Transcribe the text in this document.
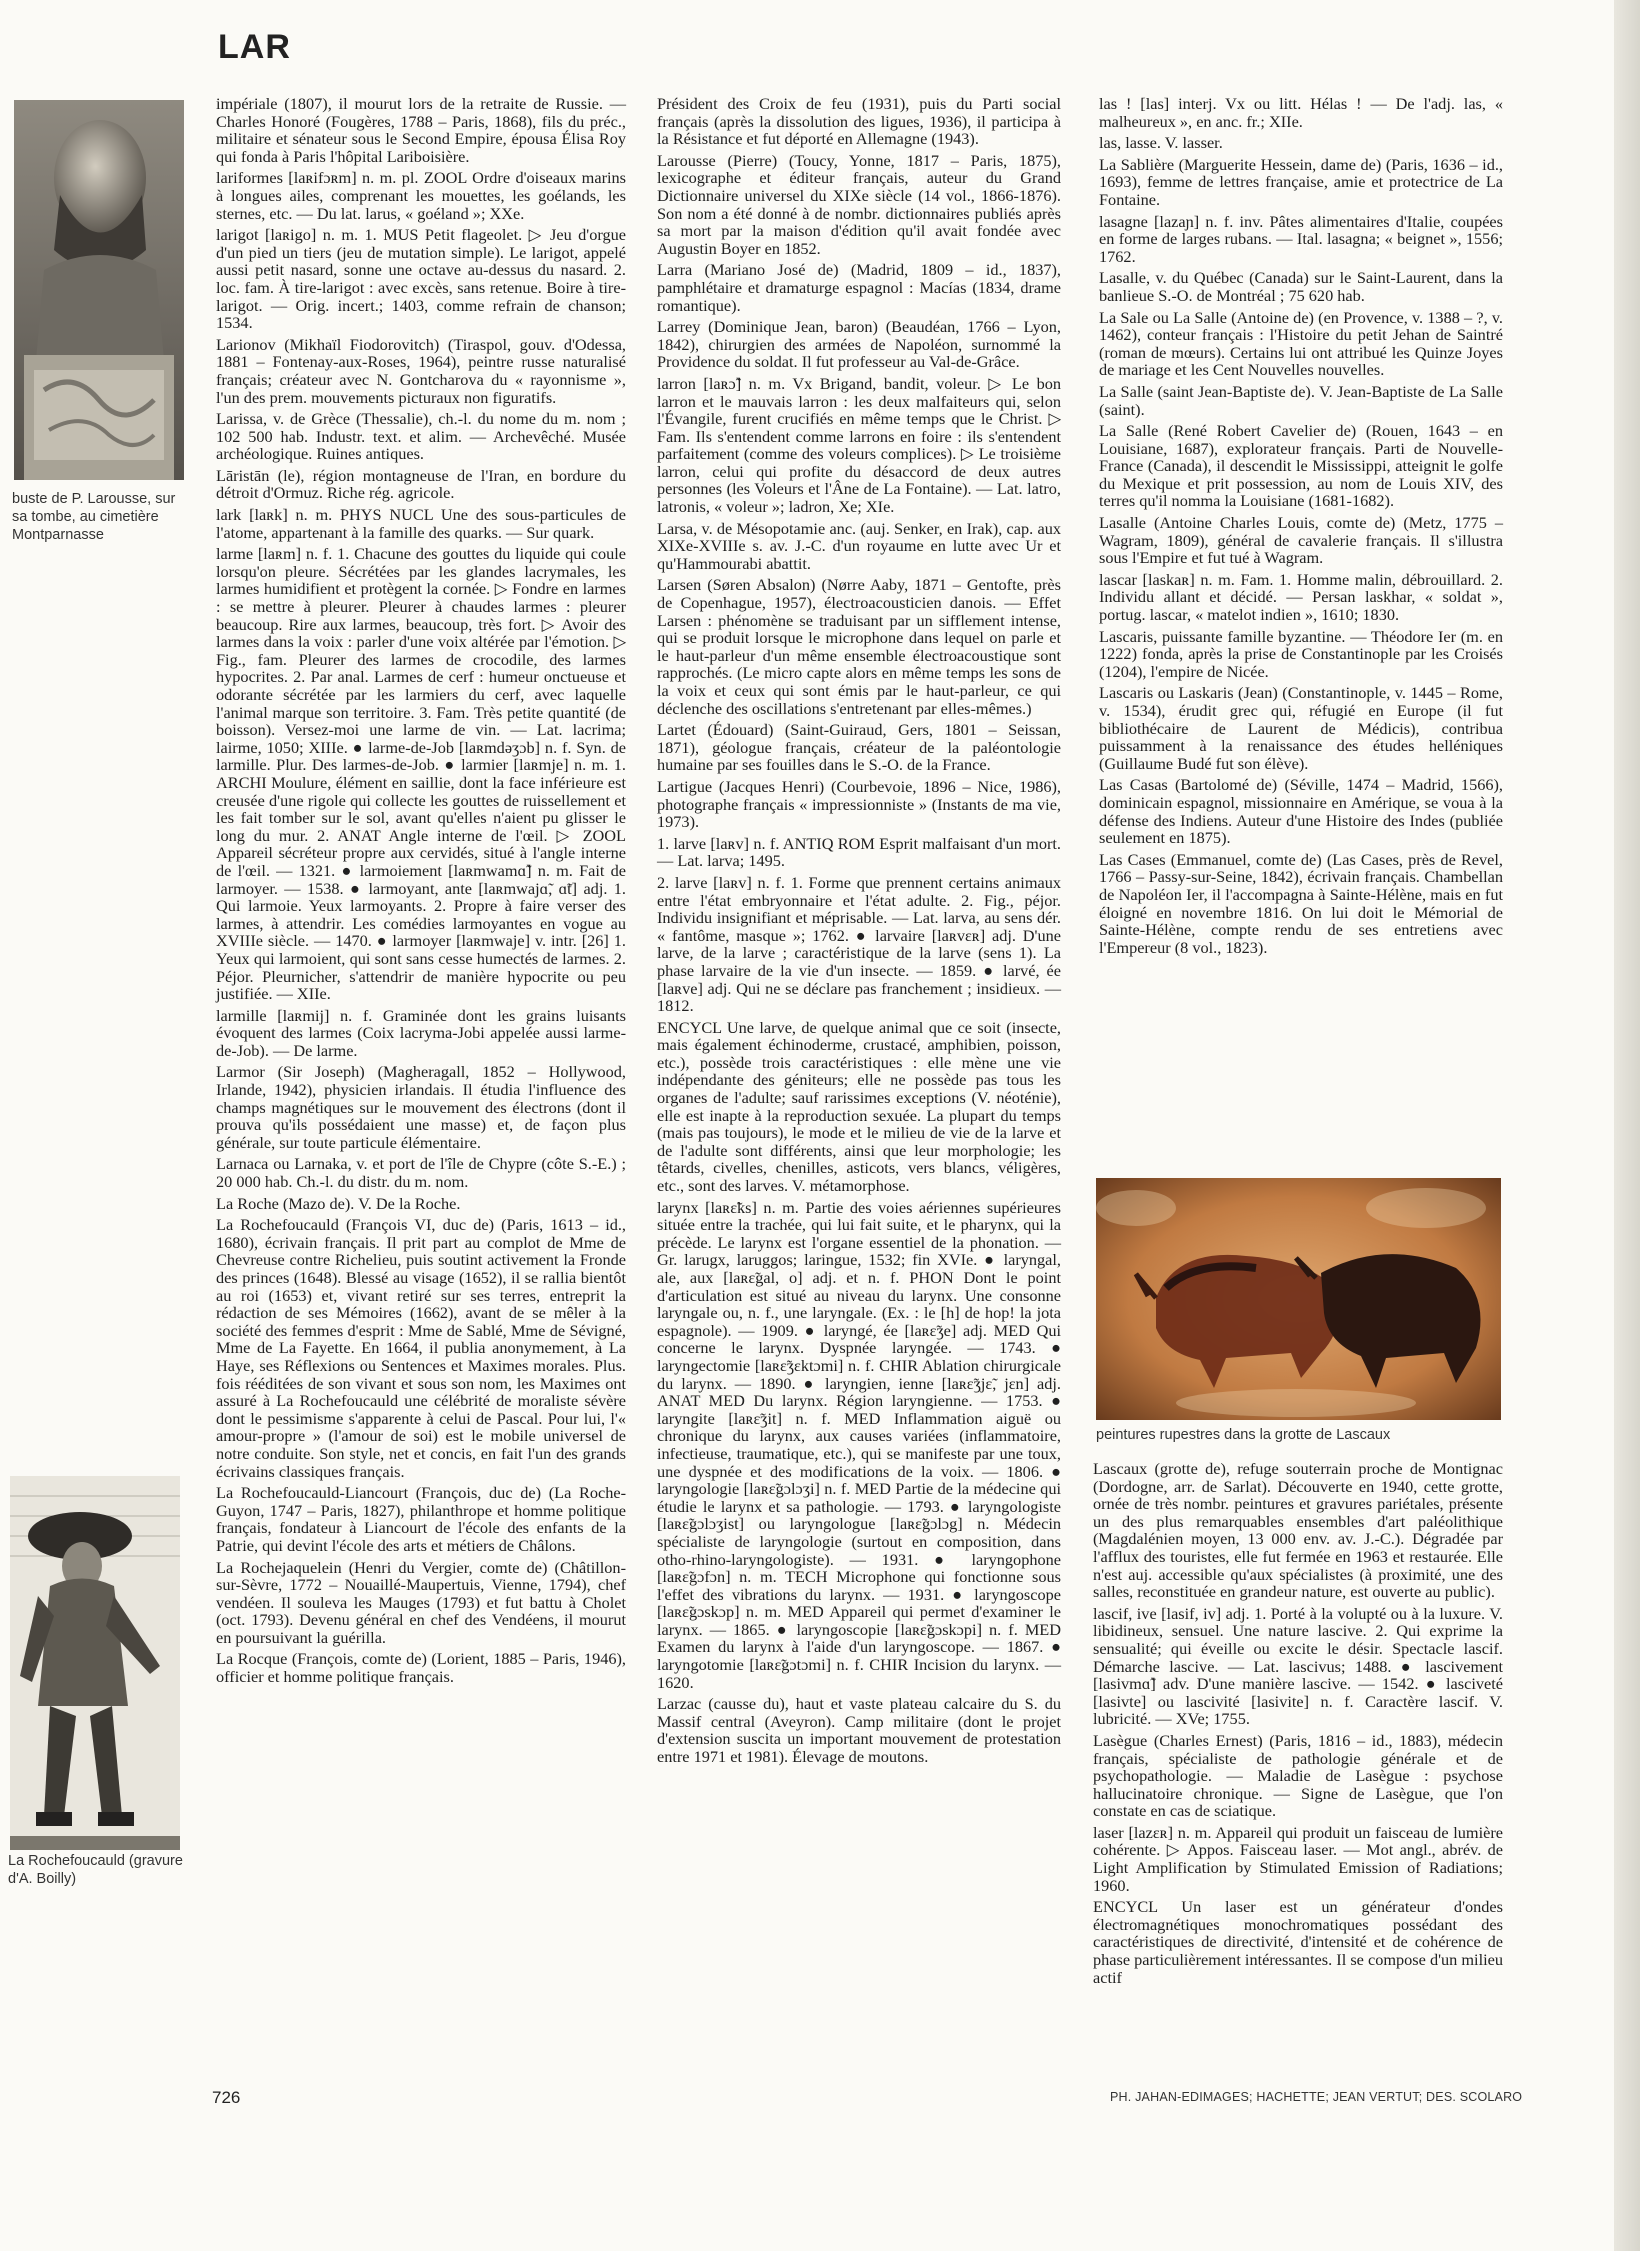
LAR
buste de P. Larousse, sur sa tombe, au cimetière Montparnasse
La Rochefoucauld (gravure d'A. Boilly)
peintures rupestres dans la grotte de Lascaux

impériale (1807), il mourut lors de la retraite de Russie. — Charles Honoré (Fougères, 1788 – Paris, 1868), fils du préc., militaire et sénateur sous le Second Empire, épousa Élisa Roy qui fonda à Paris l'hôpital Lariboisière.

lariformes [laʀifɔʀm] n. m. pl. ZOOL Ordre d'oiseaux marins à longues ailes, comprenant les mouettes, les goélands, les sternes, etc. — Du lat. larus, « goéland »; XXe.

larigot [laʀigo] n. m. 1. MUS Petit flageolet. ▷ Jeu d'orgue d'un pied un tiers (jeu de mutation simple). Le larigot, appelé aussi petit nasard, sonne une octave au-dessus du nasard. 2. loc. fam. À tire-larigot : avec excès, sans retenue. Boire à tire-larigot. — Orig. incert.; 1403, comme refrain de chanson; 1534.

Larionov (Mikhaïl Fiodorovitch) (Tiraspol, gouv. d'Odessa, 1881 – Fontenay-aux-Roses, 1964), peintre russe naturalisé français; créateur avec N. Gontcharova du « rayonnisme », l'un des prem. mouvements picturaux non figuratifs.

Larissa, v. de Grèce (Thessalie), ch.-l. du nome du m. nom ; 102 500 hab. Industr. text. et alim. — Archevêché. Musée archéologique. Ruines antiques.

Lāristān (le), région montagneuse de l'Iran, en bordure du détroit d'Ormuz. Riche rég. agricole.

lark [laʀk] n. m. PHYS NUCL Une des sous-particules de l'atome, appartenant à la famille des quarks. — Sur quark.

larme [laʀm] n. f. 1. Chacune des gouttes du liquide qui coule lorsqu'on pleure. Sécrétées par les glandes lacrymales, les larmes humidifient et protègent la cornée. ▷ Fondre en larmes : se mettre à pleurer. Pleurer à chaudes larmes : pleurer beaucoup. Rire aux larmes, beaucoup, très fort. ▷ Avoir des larmes dans la voix : parler d'une voix altérée par l'émotion. ▷ Fig., fam. Pleurer des larmes de crocodile, des larmes hypocrites. 2. Par anal. Larmes de cerf : humeur onctueuse et odorante sécrétée par les larmiers du cerf, avec laquelle l'animal marque son territoire. 3. Fam. Très petite quantité (de boisson). Versez-moi une larme de vin. — Lat. lacrima; lairme, 1050; XIIIe. ● larme-de-Job [laʀmdəʒɔb] n. f. Syn. de larmille. Plur. Des larmes-de-Job. ● larmier [laʀmje] n. m. 1. ARCHI Moulure, élément en saillie, dont la face inférieure est creusée d'une rigole qui collecte les gouttes de ruissellement et les fait tomber sur le sol, avant qu'elles n'aient pu glisser le long du mur. 2. ANAT Angle interne de l'œil. ▷ ZOOL Appareil sécréteur propre aux cervidés, situé à l'angle interne de l'œil. — 1321. ● larmoiement [laʀmwamɑ̃] n. m. Fait de larmoyer. — 1538. ● larmoyant, ante [laʀmwajɑ̃, ɑ̃t] adj. 1. Qui larmoie. Yeux larmoyants. 2. Propre à faire verser des larmes, à attendrir. Les comédies larmoyantes en vogue au XVIIIe siècle. — 1470. ● larmoyer [laʀmwaje] v. intr. [26] 1. Yeux qui larmoient, qui sont sans cesse humectés de larmes. 2. Péjor. Pleurnicher, s'attendrir de manière hypocrite ou peu justifiée. — XIIe.

larmille [laʀmij] n. f. Graminée dont les grains luisants évoquent des larmes (Coix lacryma-Jobi appelée aussi larme-de-Job). — De larme.

Larmor (Sir Joseph) (Magheragall, 1852 – Hollywood, Irlande, 1942), physicien irlandais. Il étudia l'influence des champs magnétiques sur le mouvement des électrons (dont il prouva qu'ils possédaient une masse) et, de façon plus générale, sur toute particule élémentaire.

Larnaca ou Larnaka, v. et port de l'île de Chypre (côte S.-E.) ; 20 000 hab. Ch.-l. du distr. du m. nom.

La Roche (Mazo de). V. De la Roche.

La Rochefoucauld (François VI, duc de) (Paris, 1613 – id., 1680), écrivain français. Il prit part au complot de Mme de Chevreuse contre Richelieu, puis soutint activement la Fronde des princes (1648). Blessé au visage (1652), il se rallia bientôt au roi (1653) et, vivant retiré sur ses terres, entreprit la rédaction de ses Mémoires (1662), avant de se mêler à la société des femmes d'esprit : Mme de Sablé, Mme de Sévigné, Mme de La Fayette. En 1664, il publia anonymement, à La Haye, ses Réflexions ou Sentences et Maximes morales. Plus. fois rééditées de son vivant et sous son nom, les Maximes ont assuré à La Rochefoucauld une célébrité de moraliste sévère dont le pessimisme s'apparente à celui de Pascal. Pour lui, l'« amour-propre » (l'amour de soi) est le mobile universel de notre conduite. Son style, net et concis, en fait l'un des grands écrivains classiques français.

La Rochefoucauld-Liancourt (François, duc de) (La Roche-Guyon, 1747 – Paris, 1827), philanthrope et homme politique français, fondateur à Liancourt de l'école des enfants de la Patrie, qui devint l'école des arts et métiers de Châlons.

La Rochejaquelein (Henri du Vergier, comte de) (Châtillon-sur-Sèvre, 1772 – Nouaillé-Maupertuis, Vienne, 1794), chef vendéen. Il souleva les Mauges (1793) et fut battu à Cholet (oct. 1793). Devenu général en chef des Vendéens, il mourut en poursuivant la guérilla.

La Rocque (François, comte de) (Lorient, 1885 – Paris, 1946), officier et homme politique français.

Président des Croix de feu (1931), puis du Parti social français (après la dissolution des ligues, 1936), il participa à la Résistance et fut déporté en Allemagne (1943).

Larousse (Pierre) (Toucy, Yonne, 1817 – Paris, 1875), lexicographe et éditeur français, auteur du Grand Dictionnaire universel du XIXe siècle (14 vol., 1866-1876). Son nom a été donné à de nombr. dictionnaires publiés après sa mort par la maison d'édition qu'il avait fondée avec Augustin Boyer en 1852.

Larra (Mariano José de) (Madrid, 1809 – id., 1837), pamphlétaire et dramaturge espagnol : Macías (1834, drame romantique).

Larrey (Dominique Jean, baron) (Beaudéan, 1766 – Lyon, 1842), chirurgien des armées de Napoléon, surnommé la Providence du soldat. Il fut professeur au Val-de-Grâce.

larron [laʀɔ̃] n. m. Vx Brigand, bandit, voleur. ▷ Le bon larron et le mauvais larron : les deux malfaiteurs qui, selon l'Évangile, furent crucifiés en même temps que le Christ. ▷ Fam. Ils s'entendent comme larrons en foire : ils s'entendent parfaitement (comme des voleurs complices). ▷ Le troisième larron, celui qui profite du désaccord de deux autres personnes (les Voleurs et l'Âne de La Fontaine). — Lat. latro, latronis, « voleur »; ladron, Xe; XIe.

Larsa, v. de Mésopotamie anc. (auj. Senker, en Irak), cap. aux XIXe-XVIIIe s. av. J.-C. d'un royaume en lutte avec Ur et qu'Hammourabi abattit.

Larsen (Søren Absalon) (Nørre Aaby, 1871 – Gentofte, près de Copenhague, 1957), électroacousticien danois. — Effet Larsen : phénomène se traduisant par un sifflement intense, qui se produit lorsque le microphone dans lequel on parle et le haut-parleur d'un même ensemble électroacoustique sont rapprochés. (Le micro capte alors en même temps les sons de la voix et ceux qui sont émis par le haut-parleur, ce qui déclenche des oscillations s'entretenant par elles-mêmes.)

Lartet (Édouard) (Saint-Guiraud, Gers, 1801 – Seissan, 1871), géologue français, créateur de la paléontologie humaine par ses fouilles dans le S.-O. de la France.

Lartigue (Jacques Henri) (Courbevoie, 1896 – Nice, 1986), photographe français « impressionniste » (Instants de ma vie, 1973).

1. larve [laʀv] n. f. ANTIQ ROM Esprit malfaisant d'un mort. — Lat. larva; 1495.

2. larve [laʀv] n. f. 1. Forme que prennent certains animaux entre l'état embryonnaire et l'état adulte. 2. Fig., péjor. Individu insignifiant et méprisable. — Lat. larva, au sens dér. « fantôme, masque »; 1762. ● larvaire [laʀvɛʀ] adj. D'une larve, de la larve ; caractéristique de la larve (sens 1). La phase larvaire de la vie d'un insecte. — 1859. ● larvé, ée [laʀve] adj. Qui ne se déclare pas franchement ; insidieux. — 1812.

ENCYCL Une larve, de quelque animal que ce soit (insecte, mais également échinoderme, crustacé, amphibien, poisson, etc.), possède trois caractéristiques : elle mène une vie indépendante des géniteurs; elle ne possède pas tous les organes de l'adulte; sauf rarissimes exceptions (V. néoténie), elle est inapte à la reproduction sexuée. La plupart du temps (mais pas toujours), le mode et le milieu de vie de la larve et de l'adulte sont différents, ainsi que leur morphologie; les têtards, civelles, chenilles, asticots, vers blancs, véligères, etc., sont des larves. V. métamorphose.

larynx [laʀɛ̃ks] n. m. Partie des voies aériennes supérieures située entre la trachée, qui lui fait suite, et le pharynx, qui la précède. Le larynx est l'organe essentiel de la phonation. — Gr. larugx, laruggos; laringue, 1532; fin XVIe. ● laryngal, ale, aux [laʀɛ̃gal, o] adj. et n. f. PHON Dont le point d'articulation est situé au niveau du larynx. Une consonne laryngale ou, n. f., une laryngale. (Ex. : le [h] de hop! la jota espagnole). — 1909. ● laryngé, ée [laʀɛ̃ʒe] adj. MED Qui concerne le larynx. Dyspnée laryngée. — 1743. ● laryngectomie [laʀɛ̃ʒɛktɔmi] n. f. CHIR Ablation chirurgicale du larynx. — 1890. ● laryngien, ienne [laʀɛ̃ʒjɛ̃, jɛn] adj. ANAT MED Du larynx. Région laryngienne. — 1753. ● laryngite [laʀɛ̃ʒit] n. f. MED Inflammation aiguë ou chronique du larynx, aux causes variées (inflammatoire, infectieuse, traumatique, etc.), qui se manifeste par une toux, une dyspnée et des modifications de la voix. — 1806. ● laryngologie [laʀɛ̃gɔlɔʒi] n. f. MED Partie de la médecine qui étudie le larynx et sa pathologie. — 1793. ● laryngologiste [laʀɛ̃gɔlɔʒist] ou laryngologue [laʀɛ̃gɔlɔg] n. Médecin spécialiste de laryngologie (surtout en composition, dans otho-rhino-laryngologiste). — 1931. ● laryngophone [laʀɛ̃gɔfɔn] n. m. TECH Microphone qui fonctionne sous l'effet des vibrations du larynx. — 1931. ● laryngoscope [laʀɛ̃gɔskɔp] n. m. MED Appareil qui permet d'examiner le larynx. — 1865. ● laryngoscopie [laʀɛ̃gɔskɔpi] n. f. MED Examen du larynx à l'aide d'un laryngoscope. — 1867. ● laryngotomie [laʀɛ̃gɔtɔmi] n. f. CHIR Incision du larynx. — 1620.

Larzac (causse du), haut et vaste plateau calcaire du S. du Massif central (Aveyron). Camp militaire (dont le projet d'extension suscita un important mouvement de protestation entre 1971 et 1981). Élevage de moutons.

las ! [las] interj. Vx ou litt. Hélas ! — De l'adj. las, « malheureux », en anc. fr.; XIIe.

las, lasse. V. lasser.

La Sablière (Marguerite Hessein, dame de) (Paris, 1636 – id., 1693), femme de lettres française, amie et protectrice de La Fontaine.

lasagne [lazaɲ] n. f. inv. Pâtes alimentaires d'Italie, coupées en forme de larges rubans. — Ital. lasagna; « beignet », 1556; 1762.

Lasalle, v. du Québec (Canada) sur le Saint-Laurent, dans la banlieue S.-O. de Montréal ; 75 620 hab.

La Sale ou La Salle (Antoine de) (en Provence, v. 1388 – ?, v. 1462), conteur français : l'Histoire du petit Jehan de Saintré (roman de mœurs). Certains lui ont attribué les Quinze Joyes de mariage et les Cent Nouvelles nouvelles.

La Salle (saint Jean-Baptiste de). V. Jean-Baptiste de La Salle (saint).

La Salle (René Robert Cavelier de) (Rouen, 1643 – en Louisiane, 1687), explorateur français. Parti de Nouvelle-France (Canada), il descendit le Mississippi, atteignit le golfe du Mexique et prit possession, au nom de Louis XIV, des terres qu'il nomma la Louisiane (1681-1682).

Lasalle (Antoine Charles Louis, comte de) (Metz, 1775 – Wagram, 1809), général de cavalerie français. Il s'illustra sous l'Empire et fut tué à Wagram.

lascar [laskaʀ] n. m. Fam. 1. Homme malin, débrouillard. 2. Individu allant et décidé. — Persan laskhar, « soldat », portug. lascar, « matelot indien », 1610; 1830.

Lascaris, puissante famille byzantine. — Théodore Ier (m. en 1222) fonda, après la prise de Constantinople par les Croisés (1204), l'empire de Nicée.

Lascaris ou Laskaris (Jean) (Constantinople, v. 1445 – Rome, v. 1534), érudit grec qui, réfugié en Europe (il fut bibliothécaire de Laurent de Médicis), contribua puissamment à la renaissance des études helléniques (Guillaume Budé fut son élève).

Las Casas (Bartolomé de) (Séville, 1474 – Madrid, 1566), dominicain espagnol, missionnaire en Amérique, se voua à la défense des Indiens. Auteur d'une Histoire des Indes (publiée seulement en 1875).

Las Cases (Emmanuel, comte de) (Las Cases, près de Revel, 1766 – Passy-sur-Seine, 1842), écrivain français. Chambellan de Napoléon Ier, il l'accompagna à Sainte-Hélène, mais en fut éloigné en novembre 1816. On lui doit le Mémorial de Sainte-Hélène, compte rendu de ses entretiens avec l'Empereur (8 vol., 1823).

Lascaux (grotte de), refuge souterrain proche de Montignac (Dordogne, arr. de Sarlat). Découverte en 1940, cette grotte, ornée de très nombr. peintures et gravures pariétales, présente un des plus remarquables ensembles d'art paléolithique (Magdalénien moyen, 13 000 env. av. J.-C.). Dégradée par l'afflux des touristes, elle fut fermée en 1963 et restaurée. Elle n'est auj. accessible qu'aux spécialistes (à proximité, une des salles, reconstituée en grandeur nature, est ouverte au public).

lascif, ive [lasif, iv] adj. 1. Porté à la volupté ou à la luxure. V. libidineux, sensuel. Une nature lascive. 2. Qui exprime la sensualité; qui éveille ou excite le désir. Spectacle lascif. Démarche lascive. — Lat. lascivus; 1488. ● lascivement [lasivmɑ̃] adv. D'une manière lascive. — 1542. ● lasciveté [lasivte] ou lascivité [lasivite] n. f. Caractère lascif. V. lubricité. — XVe; 1755.

Lasègue (Charles Ernest) (Paris, 1816 – id., 1883), médecin français, spécialiste de pathologie générale et de psychopathologie. — Maladie de Lasègue : psychose hallucinatoire chronique. — Signe de Lasègue, que l'on constate en cas de sciatique.

laser [lazɛʀ] n. m. Appareil qui produit un faisceau de lumière cohérente. ▷ Appos. Faisceau laser. — Mot angl., abrév. de Light Amplification by Stimulated Emission of Radiations; 1960.

ENCYCL Un laser est un générateur d'ondes électromagnétiques monochromatiques possédant des caractéristiques de directivité, d'intensité et de cohérence de phase particulièrement intéressantes. Il se compose d'un milieu actif

726	PH. JAHAN-EDIMAGES; HACHETTE; JEAN VERTUT; DES. SCOLARO
